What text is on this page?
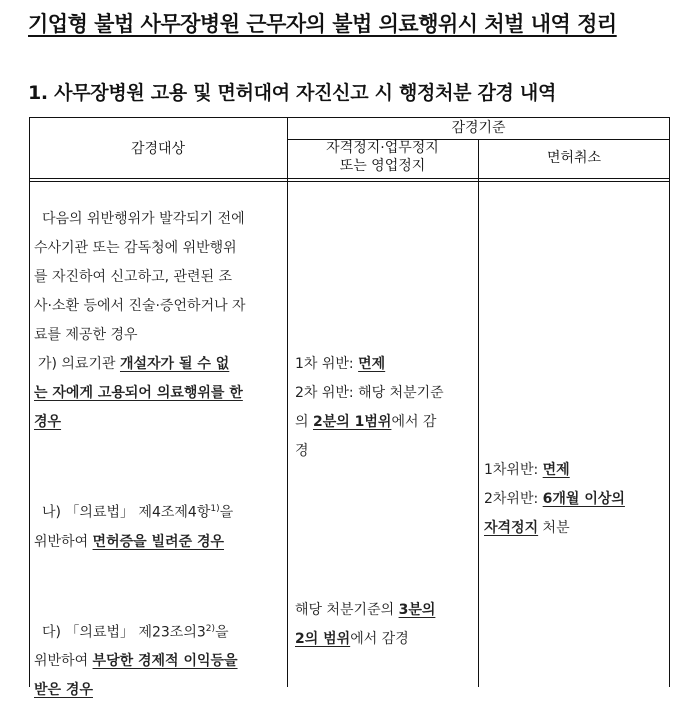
기업형 불법 사무장병원 근무자의 불법 의료행위시 처벌 내역 정리
1. 사무장병원 고용 및 면허대여 자진신고 시 행정처분 감경 내역
감경대상
감경기준
자격정지·업무정지
또는 영업정지
면허취소
다음의 위반행위가 발각되기 전에
수사기관 또는 감독청에 위반행위
를 자진하여 신고하고, 관련된 조
사·소환 등에서 진술·증언하거나 자
료를 제공한 경우
가) 의료기관 개설자가 될 수 없
는 자에게 고용되어 의료행위를 한
경우
나) 「의료법」 제4조제4항$^{1)}$을
위반하여 면허증을 빌려준 경우
다) 「의료법」 제23조의3$^{2)}$을
위반하여 부당한 경제적 이익등을
받은 경우
1차 위반: 면제
2차 위반: 해당 처분기준
의 2분의 1범위에서 감
경
해당 처분기준의 3분의
2의 범위에서 감경
1차위반: 면제
2차위반: 6개월 이상의
자격정지 처분
